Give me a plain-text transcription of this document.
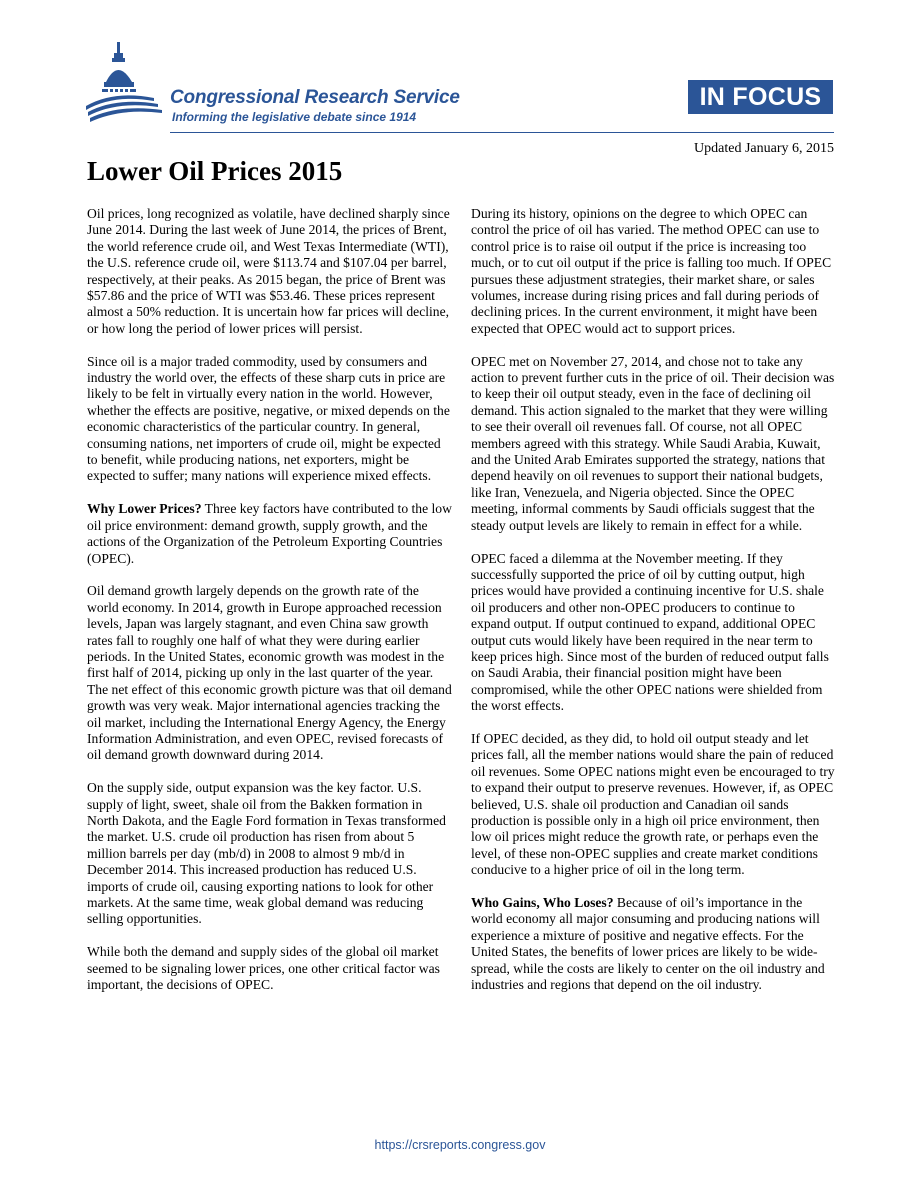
Congressional Research Service
Informing the legislative debate since 1914
IN FOCUS
Updated January 6, 2015
Lower Oil Prices 2015

Oil prices, long recognized as volatile, have declined sharply since June 2014. During the last week of June 2014, the prices of Brent, the world reference crude oil, and West Texas Intermediate (WTI), the U.S. reference crude oil, were $113.74 and $107.04 per barrel, respectively, at their peaks. As 2015 began, the price of Brent was $57.86 and the price of WTI was $53.46. These prices represent almost a 50% reduction. It is uncertain how far prices will decline, or how long the period of lower prices will persist.

Since oil is a major traded commodity, used by consumers and industry the world over, the effects of these sharp cuts in price are likely to be felt in virtually every nation in the world. However, whether the effects are positive, negative, or mixed depends on the economic characteristics of the particular country. In general, consuming nations, net importers of crude oil, might be expected to benefit, while producing nations, net exporters, might be expected to suffer; many nations will experience mixed effects.

Why Lower Prices? Three key factors have contributed to the low oil price environment: demand growth, supply growth, and the actions of the Organization of the Petroleum Exporting Countries (OPEC).

Oil demand growth largely depends on the growth rate of the world economy. In 2014, growth in Europe approached recession levels, Japan was largely stagnant, and even China saw growth rates fall to roughly one half of what they were during earlier periods. In the United States, economic growth was modest in the first half of 2014, picking up only in the last quarter of the year. The net effect of this economic growth picture was that oil demand growth was very weak. Major international agencies tracking the oil market, including the International Energy Agency, the Energy Information Administration, and even OPEC, revised forecasts of oil demand growth downward during 2014.

On the supply side, output expansion was the key factor. U.S. supply of light, sweet, shale oil from the Bakken formation in North Dakota, and the Eagle Ford formation in Texas transformed the market. U.S. crude oil production has risen from about 5 million barrels per day (mb/d) in 2008 to almost 9 mb/d in December 2014. This increased production has reduced U.S. imports of crude oil, causing exporting nations to look for other markets. At the same time, weak global demand was reducing selling opportunities.

While both the demand and supply sides of the global oil market seemed to be signaling lower prices, one other critical factor was important, the decisions of OPEC.

During its history, opinions on the degree to which OPEC can control the price of oil has varied. The method OPEC can use to control price is to raise oil output if the price is increasing too much, or to cut oil output if the price is falling too much. If OPEC pursues these adjustment strategies, their market share, or sales volumes, increase during rising prices and fall during periods of declining prices. In the current environment, it might have been expected that OPEC would act to support prices.

OPEC met on November 27, 2014, and chose not to take any action to prevent further cuts in the price of oil. Their decision was to keep their oil output steady, even in the face of declining oil demand. This action signaled to the market that they were willing to see their overall oil revenues fall. Of course, not all OPEC members agreed with this strategy. While Saudi Arabia, Kuwait, and the United Arab Emirates supported the strategy, nations that depend heavily on oil revenues to support their national budgets, like Iran, Venezuela, and Nigeria objected. Since the OPEC meeting, informal comments by Saudi officials suggest that the steady output levels are likely to remain in effect for a while.

OPEC faced a dilemma at the November meeting. If they successfully supported the price of oil by cutting output, high prices would have provided a continuing incentive for U.S. shale oil producers and other non-OPEC producers to continue to expand output. If output continued to expand, additional OPEC output cuts would likely have been required in the near term to keep prices high. Since most of the burden of reduced output falls on Saudi Arabia, their financial position might have been compromised, while the other OPEC nations were shielded from the worst effects.

If OPEC decided, as they did, to hold oil output steady and let prices fall, all the member nations would share the pain of reduced oil revenues. Some OPEC nations might even be encouraged to try to expand their output to preserve revenues. However, if, as OPEC believed, U.S. shale oil production and Canadian oil sands production is possible only in a high oil price environment, then low oil prices might reduce the growth rate, or perhaps even the level, of these non-OPEC supplies and create market conditions conducive to a higher price of oil in the long term.

Who Gains, Who Loses? Because of oil’s importance in the world economy all major consuming and producing nations will experience a mixture of positive and negative effects. For the United States, the benefits of lower prices are likely to be wide-spread, while the costs are likely to center on the oil industry and industries and regions that depend on the oil industry.

https://crsreports.congress.gov
